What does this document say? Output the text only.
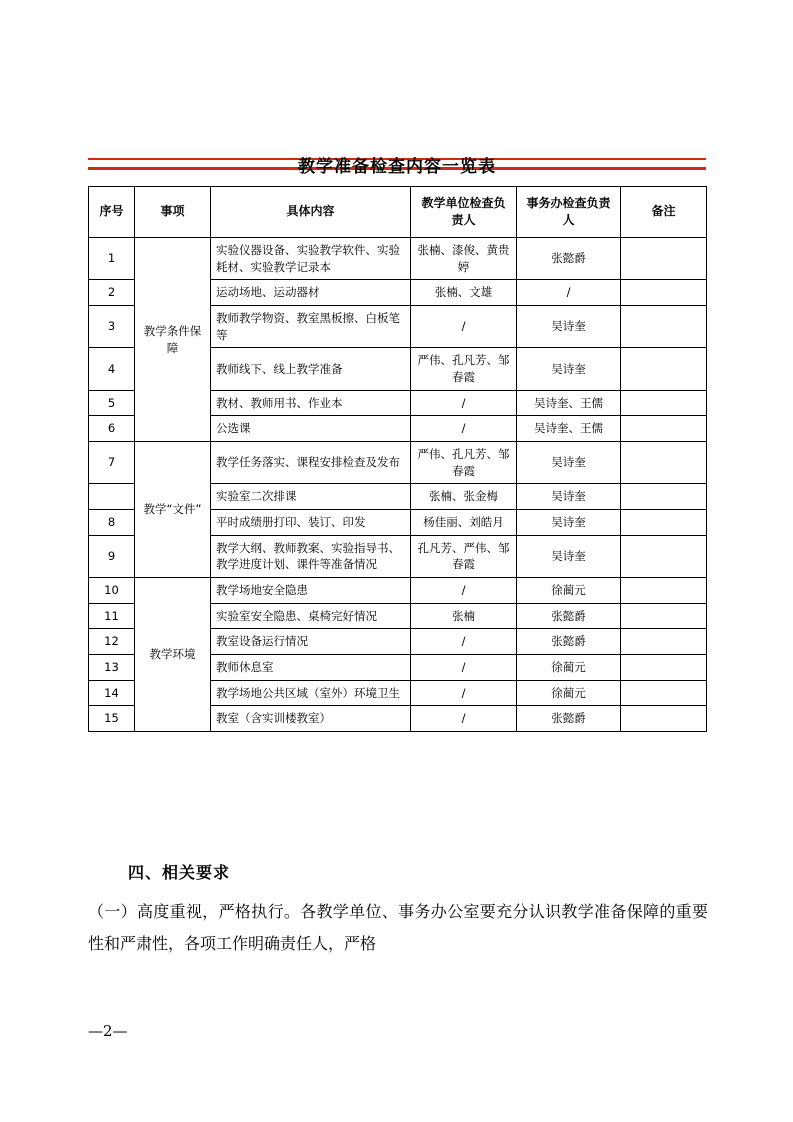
教学准备检查内容一览表
序号	事项	具体内容	教学单位检查负责人	事务办检查负责人	备注
1	教学条件保障	实验仪器设备、实验教学软件、实验耗材、实验教学记录本	张楠、漆俊、黄贵婷	张懿爵	
2		运动场地、运动器材	张楠、文雄	/	
3		教师教学物资、教室黑板擦、白板笔等	/	吴诗奎	
4		教师线下、线上教学准备	严伟、孔凡芳、邹春霞	吴诗奎	
5		教材、教师用书、作业本	/	吴诗奎、王儒	
6		公选课	/	吴诗奎、王儒	
7	教学“文件”	教学任务落实、课程安排检查及发布	严伟、孔凡芳、邹春霞	吴诗奎	
		实验室二次排课	张楠、张金梅	吴诗奎	
8		平时成绩册打印、装订、印发	杨佳丽、刘皓月	吴诗奎	
9		教学大纲、教师教案、实验指导书、教学进度计划、课件等准备情况	孔凡芳、严伟、邹春霞	吴诗奎	
10	教学环境	教学场地安全隐患	/	徐蔺元	
11		实验室安全隐患、桌椅完好情况	张楠	张懿爵	
12		教室设备运行情况	/	张懿爵	
13		教师休息室	/	徐蔺元	
14		教学场地公共区域（室外）环境卫生	/	徐蔺元	
15		教室（含实训楼教室）	/	张懿爵	
四、相关要求
（一）高度重视，严格执行。各教学单位、事务办公室要充分认识教学准备保障的重要性和严肃性，各项工作明确责任人，严格
—2—
